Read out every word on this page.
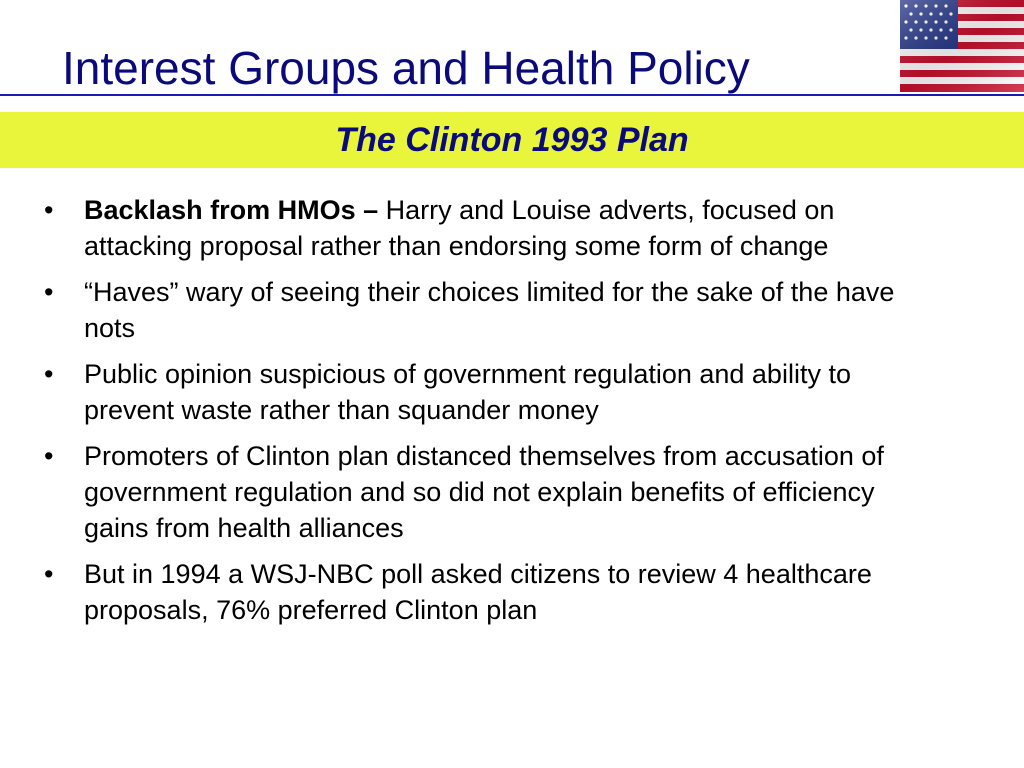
Interest Groups and Health Policy
The Clinton 1993 Plan
•	Backlash from HMOs – Harry and Louise adverts, focused on attacking proposal rather than endorsing some form of change
•	“Haves” wary of seeing their choices limited for the sake of the have nots
•	Public opinion suspicious of government regulation and ability to prevent waste rather than squander money
•	Promoters of Clinton plan distanced themselves from accusation of government regulation and so did not explain benefits of efficiency gains from health alliances
•	But in 1994 a WSJ-NBC poll asked citizens to review 4 healthcare proposals, 76% preferred Clinton plan
